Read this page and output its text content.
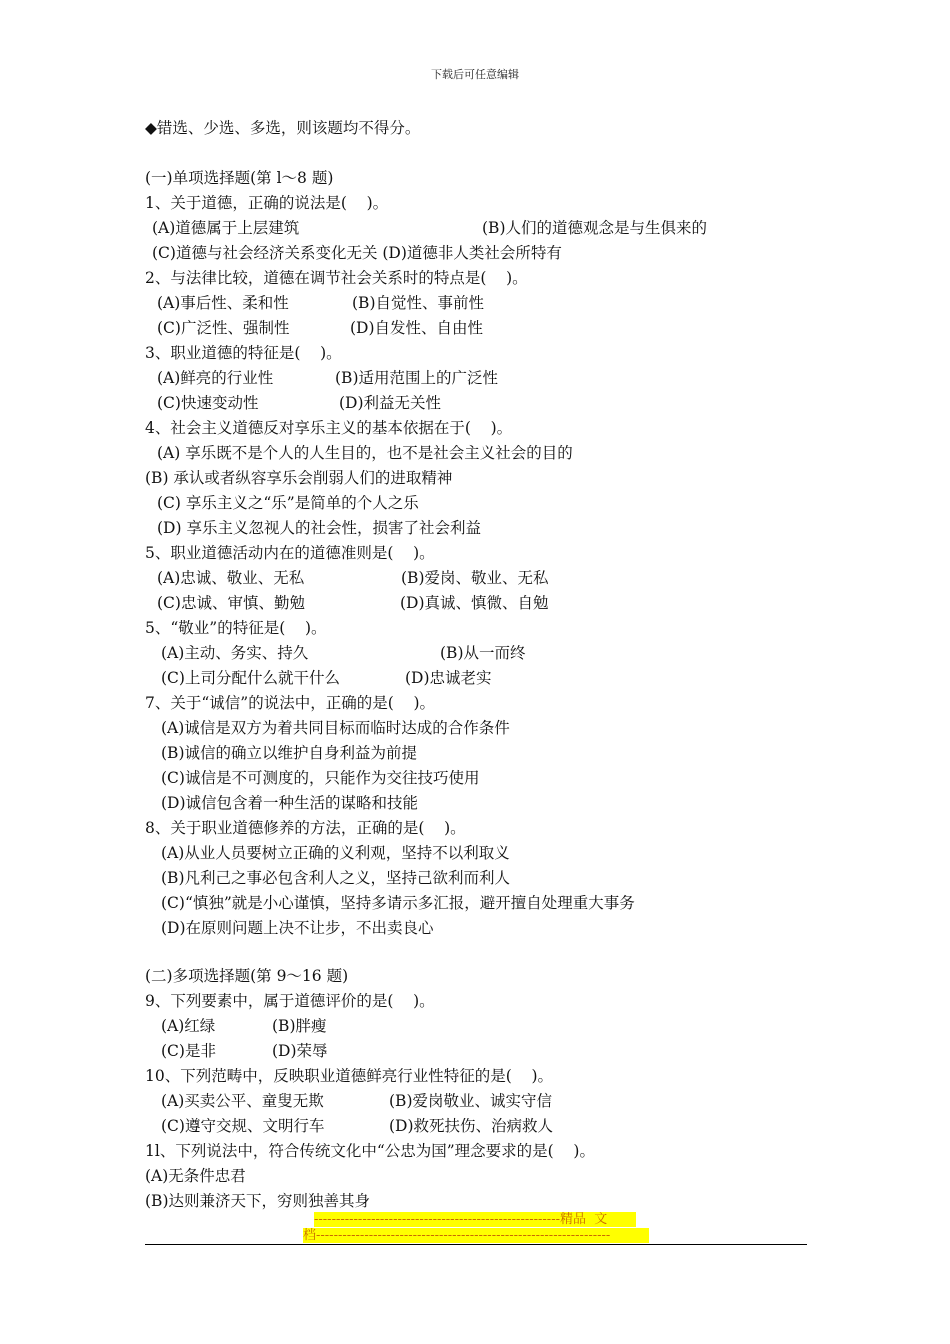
下载后可任意编辑
◆错选、少选、多选，则该题均不得分。
(一)单项选择题(第 l～8 题)
1、关于道德，正确的说法是(    )。
(A)道德属于上层建筑	(B)人们的道德观念是与生俱来的
(C)道德与社会经济关系变化无关 (D)道德非人类社会所特有
2、与法律比较，道德在调节社会关系时的特点是(    )。
(A)事后性、柔和性	(B)自觉性、事前性
(C)广泛性、强制性	(D)自发性、自由性
3、职业道德的特征是(    )。
(A)鲜亮的行业性	(B)适用范围上的广泛性
(C)快速变动性	(D)利益无关性
4、社会主义道德反对享乐主义的基本依据在于(    )。
(A) 享乐既不是个人的人生目的，也不是社会主义社会的目的
(B) 承认或者纵容享乐会削弱人们的进取精神
(C) 享乐主义之“乐”是简单的个人之乐
(D) 享乐主义忽视人的社会性，损害了社会利益
5、职业道德活动内在的道德准则是(    )。
(A)忠诚、敬业、无私	(B)爱岗、敬业、无私
(C)忠诚、审慎、勤勉	(D)真诚、慎微、自勉
5、“敬业”的特征是(    )。
(A)主动、务实、持久	(B)从一而终
(C)上司分配什么就干什么	(D)忠诚老实
7、关于“诚信”的说法中，正确的是(    )。
(A)诚信是双方为着共同目标而临时达成的合作条件
(B)诚信的确立以维护自身利益为前提
(C)诚信是不可测度的，只能作为交往技巧使用
(D)诚信包含着一种生活的谋略和技能
8、关于职业道德修养的方法，正确的是(    )。
(A)从业人员要树立正确的义利观，坚持不以利取义
(B)凡利己之事必包含利人之义，坚持己欲利而利人
(C)“慎独”就是小心谨慎，坚持多请示多汇报，避开擅自处理重大事务
(D)在原则问题上决不让步，不出卖良心
(二)多项选择题(第 9～16 题)
9、下列要素中，属于道德评价的是(    )。
(A)红绿	(B)胖瘦
(C)是非	(D)荣辱
10、下列范畴中，反映职业道德鲜亮行业性特征的是(    )。
(A)买卖公平、童叟无欺	(B)爱岗敬业、诚实守信
(C)遵守交规、文明行车	(D)救死扶伤、治病救人
1l、下列说法中，符合传统文化中“公忠为国”理念要求的是(    )。
(A)无条件忠君
(B)达则兼济天下，穷则独善其身
--------------------------------------------------------精品  文
档-------------------------------------------------------------------
